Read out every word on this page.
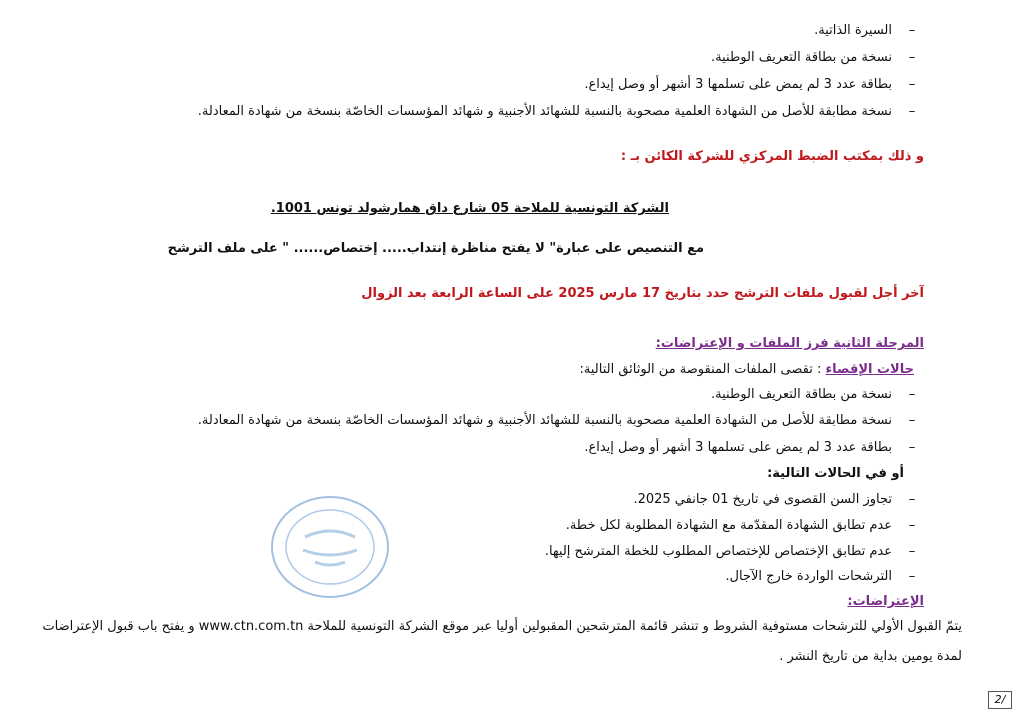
– السيرة الذاتية.
– نسخة من بطاقة التعريف الوطنية.
– بطاقة عدد 3 لم يمض على تسلمها 3 أشهر أو وصل إيداع.
– نسخة مطابقة للأصل من الشهادة العلمية مصحوبة بالنسبة للشهائد الأجنبية و شهائد المؤسسات الخاصّة بنسخة من شهادة المعادلة.
و ذلك بمكتب الضبط المركزي للشركة الكائن بـ :
الشركة التونسية للملاحة 05 شارع داق همارشولد تونس 1001.
مع التنصيص على عبارة" لا يفتح مناظرة إنتداب..... إختصاص...... " على ملف الترشح
آخر أجل لقبول ملفات الترشح حدد بتاريخ 17 مارس 2025 على الساعة الرابعة بعد الزوال
المرحلة الثانية فرز الملفات و الإعتراضات:
حالات الإقصاء : تقصى الملفات المنقوصة من الوثائق التالية:
– نسخة من بطاقة التعريف الوطنية.
– نسخة مطابقة للأصل من الشهادة العلمية مصحوبة بالنسبة للشهائد الأجنبية و شهائد المؤسسات الخاصّة بنسخة من شهادة المعادلة.
– بطاقة عدد 3 لم يمض على تسلمها 3 أشهر أو وصل إيداع.
أو في الحالات التالية:
– تجاوز السن القصوى في تاريخ 01 جانفي 2025.
– عدم تطابق الشهادة المقدّمة مع الشهادة المطلوبة لكل خطة.
– عدم تطابق الإختصاص للإختصاص المطلوب للخطة المترشح إليها.
– الترشحات الواردة خارج الآجال.
الإعتراضات:
يتمّ القبول الأولي للترشحات مستوفية الشروط و تنشر قائمة المترشحين المقبولين أوليا عبر موقع الشركة التونسية للملاحة www.ctn.com.tn و يفتح باب قبول الإعتراضات
لمدة يومين بداية من تاريخ النشر .
2/
